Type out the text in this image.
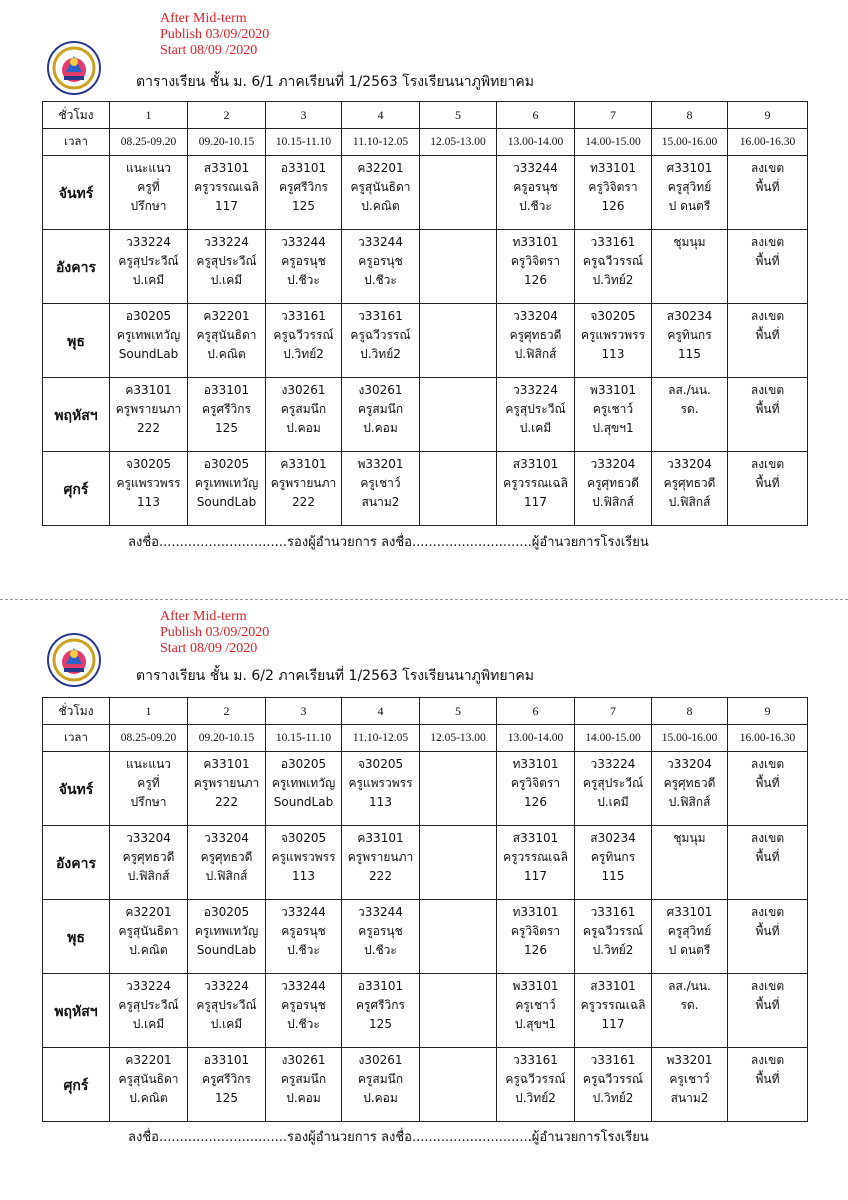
After Mid-term
Publish 03/09/2020
Start 08/09 /2020
ตารางเรียน ชั้น ม. 6/1 ภาคเรียนที่ 1/2563 โรงเรียนนาภูพิทยาคม
ชั่วโมง	1	2	3	4	5	6	7	8	9
เวลา	08.25-09.20	09.20-10.15	10.15-11.10	11.10-12.05	12.05-13.00	13.00-14.00	14.00-15.00	15.00-16.00	16.00-16.30
จันทร์	แนะแนว
ครูที่
ปรึกษา	ส33101
ครูวรรณเฉลิ
117	อ33101
ครูศรีวิกร
125	ค32201
ครูสุนันธิดา
ป.คณิต		ว33244
ครูอรนุช
ป.ชีวะ	ท33101
ครูวิจิตรา
126	ศ33101
ครูสุวิทย์
ป ดนตรี	ลงเขต
พื้นที่

อังคาร	ว33224
ครูสุประวีณ์
ป.เคมี	ว33224
ครูสุประวีณ์
ป.เคมี	ว33244
ครูอรนุช
ป.ชีวะ	ว33244
ครูอรนุช
ป.ชีวะ		ท33101
ครูวิจิตรา
126	ว33161
ครูฉวีวรรณ์
ป.วิทย์2	ชุมนุม	ลงเขต
พื้นที่

พุธ	อ30205
ครูเทพเทวัญ
SoundLab	ค32201
ครูสุนันธิดา
ป.คณิต	ว33161
ครูฉวีวรรณ์
ป.วิทย์2	ว33161
ครูฉวีวรรณ์
ป.วิทย์2		ว33204
ครูศุทธวดี
ป.ฟิสิกส์	จ30205
ครูแพรวพรร
113	ส30234
ครูทินกร
115	ลงเขต
พื้นที่

พฤหัสฯ	ค33101
ครูพรายนภา
222	อ33101
ครูศรีวิกร
125	ง30261
ครูสมนึก
ป.คอม	ง30261
ครูสมนึก
ป.คอม		ว33224
ครูสุประวีณ์
ป.เคมี	พ33101
ครูเชาว์
ป.สุขฯ1	ลส./นน.
รด.	ลงเขต
พื้นที่

ศุกร์	จ30205
ครูแพรวพรร
113	อ30205
ครูเทพเทวัญ
SoundLab	ค33101
ครูพรายนภา
222	พ33201
ครูเชาว์
สนาม2		ส33101
ครูวรรณเฉลิ
117	ว33204
ครูศุทธวดี
ป.ฟิสิกส์	ว33204
ครูศุทธวดี
ป.ฟิสิกส์	ลงเขต
พื้นที่
ลงชื่อ...............................รองผู้อำนวยการ ลงชื่อ.............................ผู้อำนวยการโรงเรียน
After Mid-term
Publish 03/09/2020
Start 08/09 /2020
ตารางเรียน ชั้น ม. 6/2 ภาคเรียนที่ 1/2563 โรงเรียนนาภูพิทยาคม
ชั่วโมง	1	2	3	4	5	6	7	8	9
เวลา	08.25-09.20	09.20-10.15	10.15-11.10	11.10-12.05	12.05-13.00	13.00-14.00	14.00-15.00	15.00-16.00	16.00-16.30
จันทร์	แนะแนว
ครูที่
ปรึกษา	ค33101
ครูพรายนภา
222	อ30205
ครูเทพเทวัญ
SoundLab	จ30205
ครูแพรวพรร
113		ท33101
ครูวิจิตรา
126	ว33224
ครูสุประวีณ์
ป.เคมี	ว33204
ครูศุทธวดี
ป.ฟิสิกส์	ลงเขต
พื้นที่

อังคาร	ว33204
ครูศุทธวดี
ป.ฟิสิกส์	ว33204
ครูศุทธวดี
ป.ฟิสิกส์	จ30205
ครูแพรวพรร
113	ค33101
ครูพรายนภา
222		ส33101
ครูวรรณเฉลิ
117	ส30234
ครูทินกร
115	ชุมนุม	ลงเขต
พื้นที่

พุธ	ค32201
ครูสุนันธิดา
ป.คณิต	อ30205
ครูเทพเทวัญ
SoundLab	ว33244
ครูอรนุช
ป.ชีวะ	ว33244
ครูอรนุช
ป.ชีวะ		ท33101
ครูวิจิตรา
126	ว33161
ครูฉวีวรรณ์
ป.วิทย์2	ศ33101
ครูสุวิทย์
ป ดนตรี	ลงเขต
พื้นที่

พฤหัสฯ	ว33224
ครูสุประวีณ์
ป.เคมี	ว33224
ครูสุประวีณ์
ป.เคมี	ว33244
ครูอรนุช
ป.ชีวะ	อ33101
ครูศรีวิกร
125		พ33101
ครูเชาว์
ป.สุขฯ1	ส33101
ครูวรรณเฉลิ
117	ลส./นน.
รด.	ลงเขต
พื้นที่

ศุกร์	ค32201
ครูสุนันธิดา
ป.คณิต	อ33101
ครูศรีวิกร
125	ง30261
ครูสมนึก
ป.คอม	ง30261
ครูสมนึก
ป.คอม		ว33161
ครูฉวีวรรณ์
ป.วิทย์2	ว33161
ครูฉวีวรรณ์
ป.วิทย์2	พ33201
ครูเชาว์
สนาม2	ลงเขต
พื้นที่
ลงชื่อ...............................รองผู้อำนวยการ ลงชื่อ.............................ผู้อำนวยการโรงเรียน
